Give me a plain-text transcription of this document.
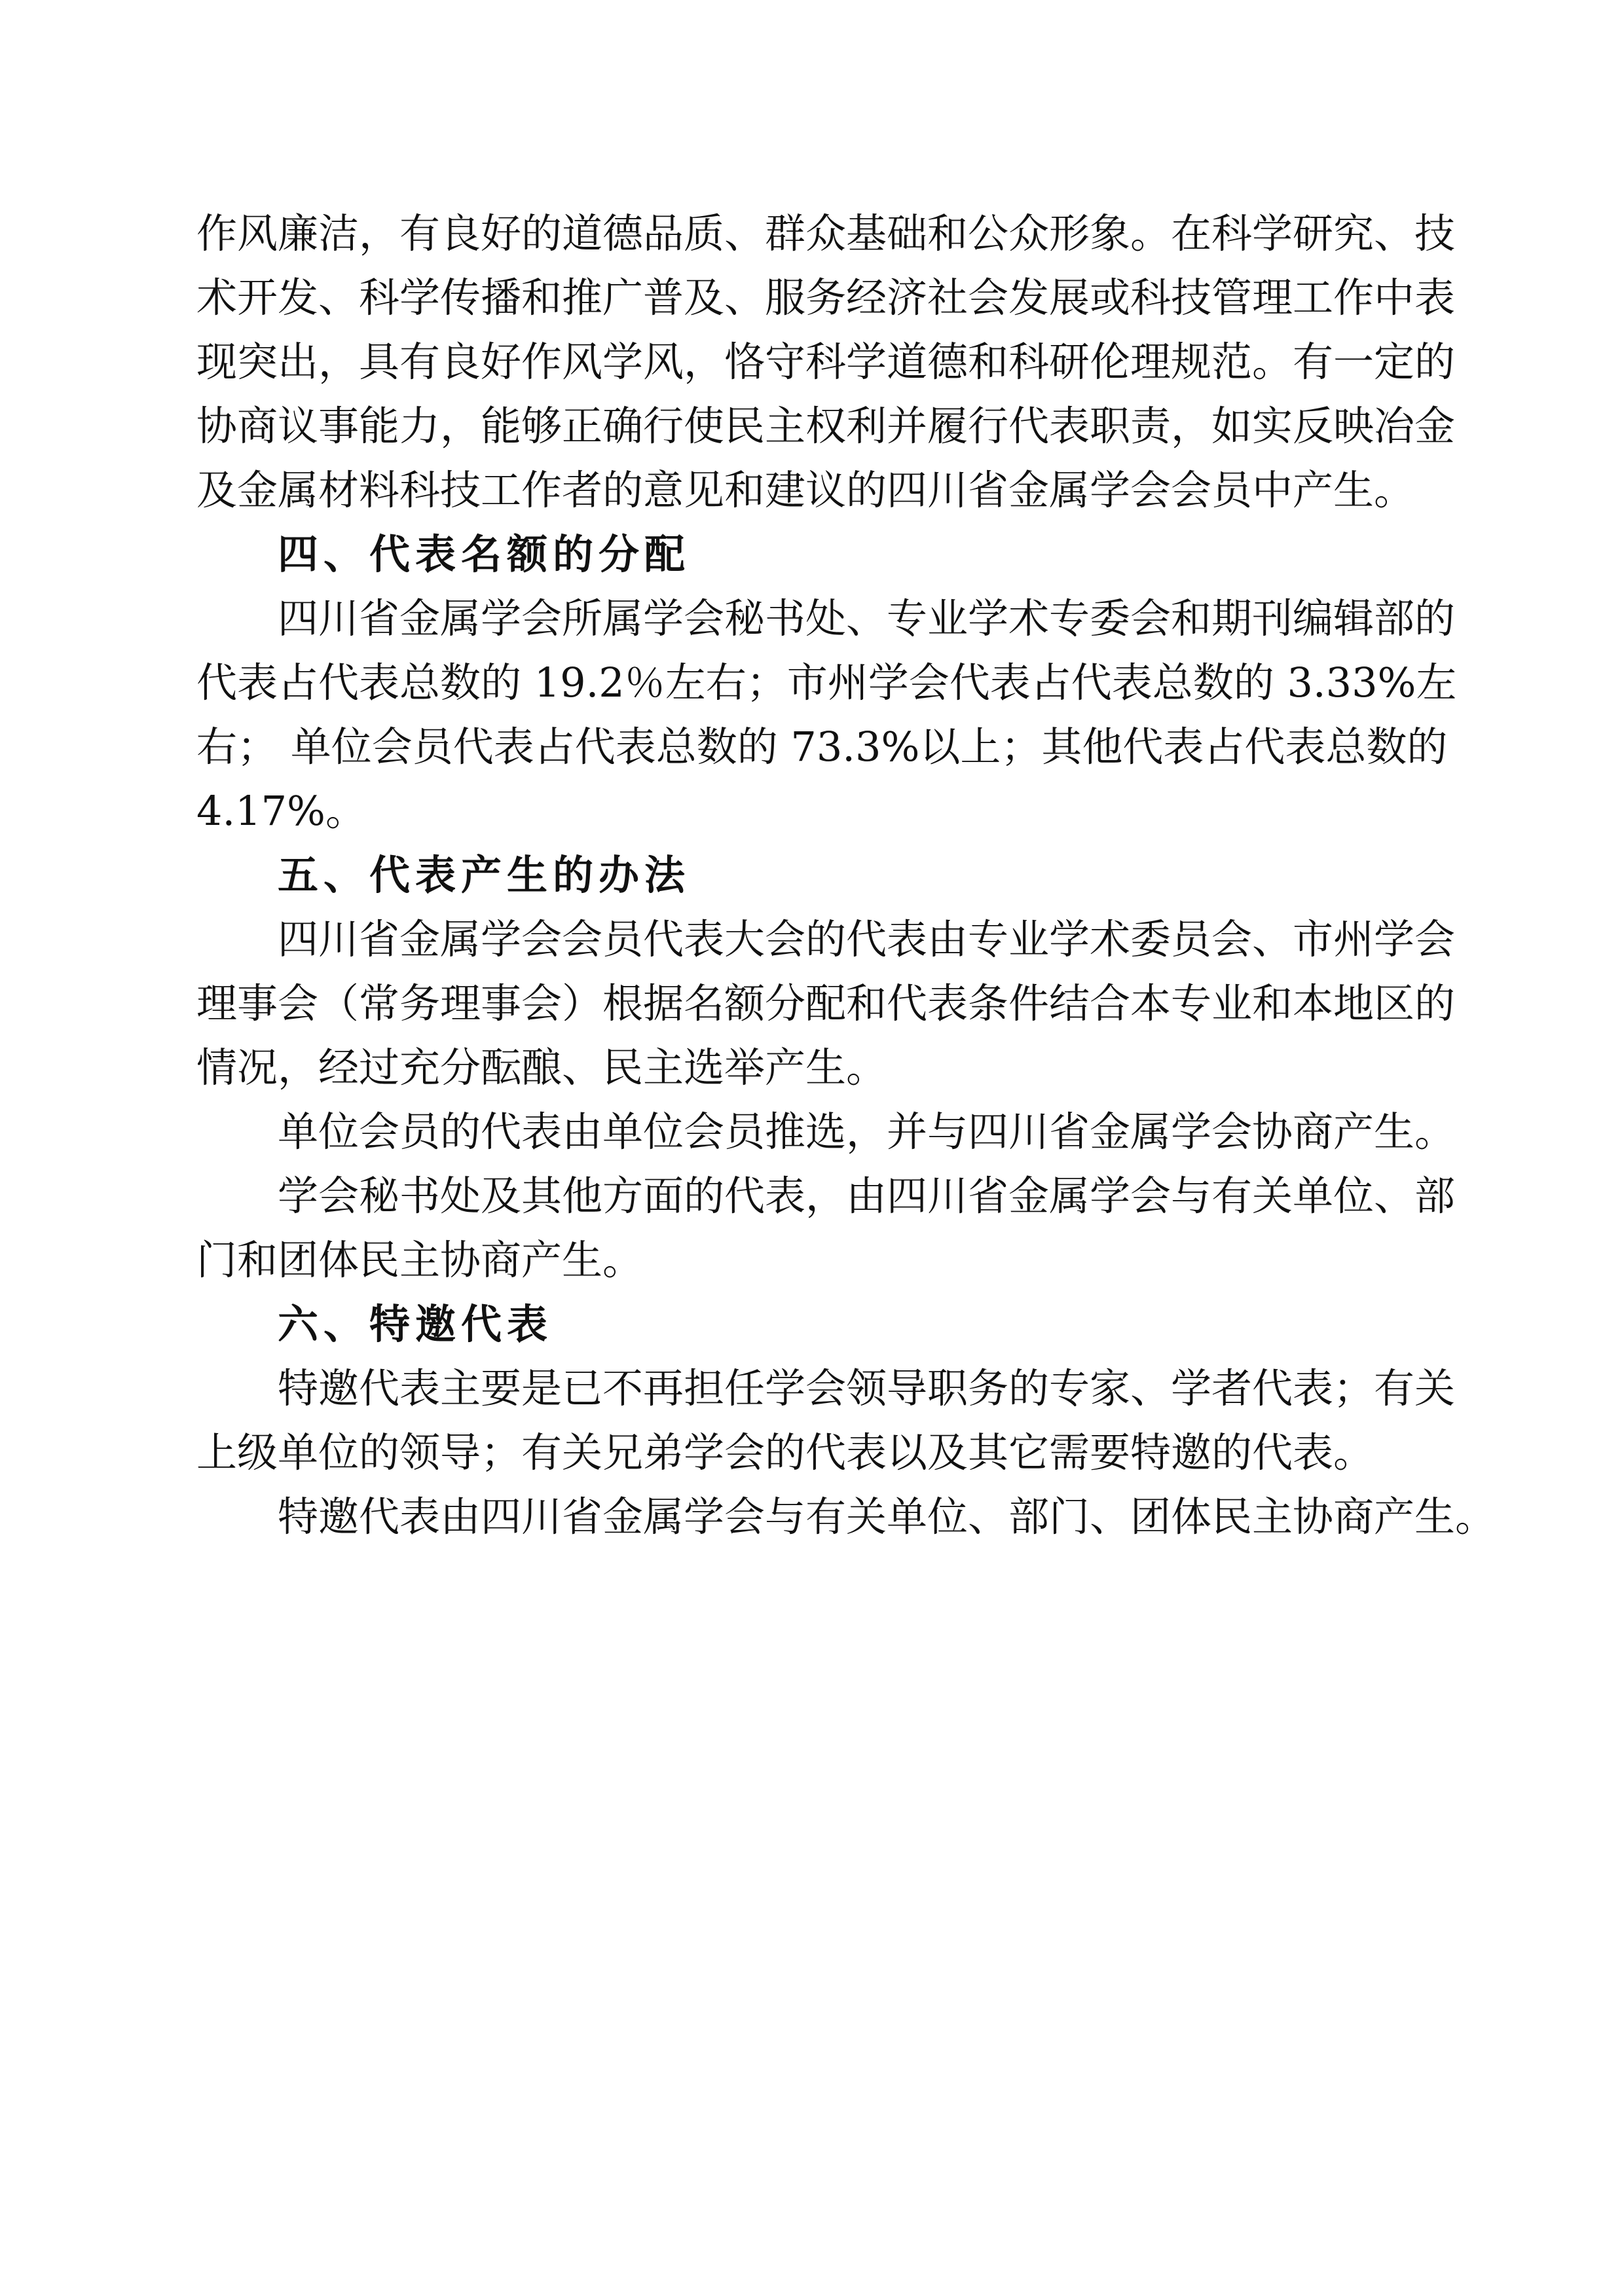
作风廉洁，有良好的道德品质、群众基础和公众形象。在科学研究、技
术开发、科学传播和推广普及、服务经济社会发展或科技管理工作中表
现突出，具有良好作风学风，恪守科学道德和科研伦理规范。有一定的
协商议事能力，能够正确行使民主权利并履行代表职责，如实反映冶金
及金属材料科技工作者的意见和建议的四川省金属学会会员中产生。
四、代表名额的分配
四川省金属学会所属学会秘书处、专业学术专委会和期刊编辑部的
代表占代表总数的 19.2％左右；市州学会代表占代表总数的 3.33%左
右； 单位会员代表占代表总数的 73.3%以上；其他代表占代表总数的
4.17%。
五、代表产生的办法
四川省金属学会会员代表大会的代表由专业学术委员会、市州学会
理事会（常务理事会）根据名额分配和代表条件结合本专业和本地区的
情况，经过充分酝酿、民主选举产生。
单位会员的代表由单位会员推选，并与四川省金属学会协商产生。
学会秘书处及其他方面的代表，由四川省金属学会与有关单位、部
门和团体民主协商产生。
六、特邀代表
特邀代表主要是已不再担任学会领导职务的专家、学者代表；有关
上级单位的领导；有关兄弟学会的代表以及其它需要特邀的代表。
特邀代表由四川省金属学会与有关单位、部门、团体民主协商产生。
